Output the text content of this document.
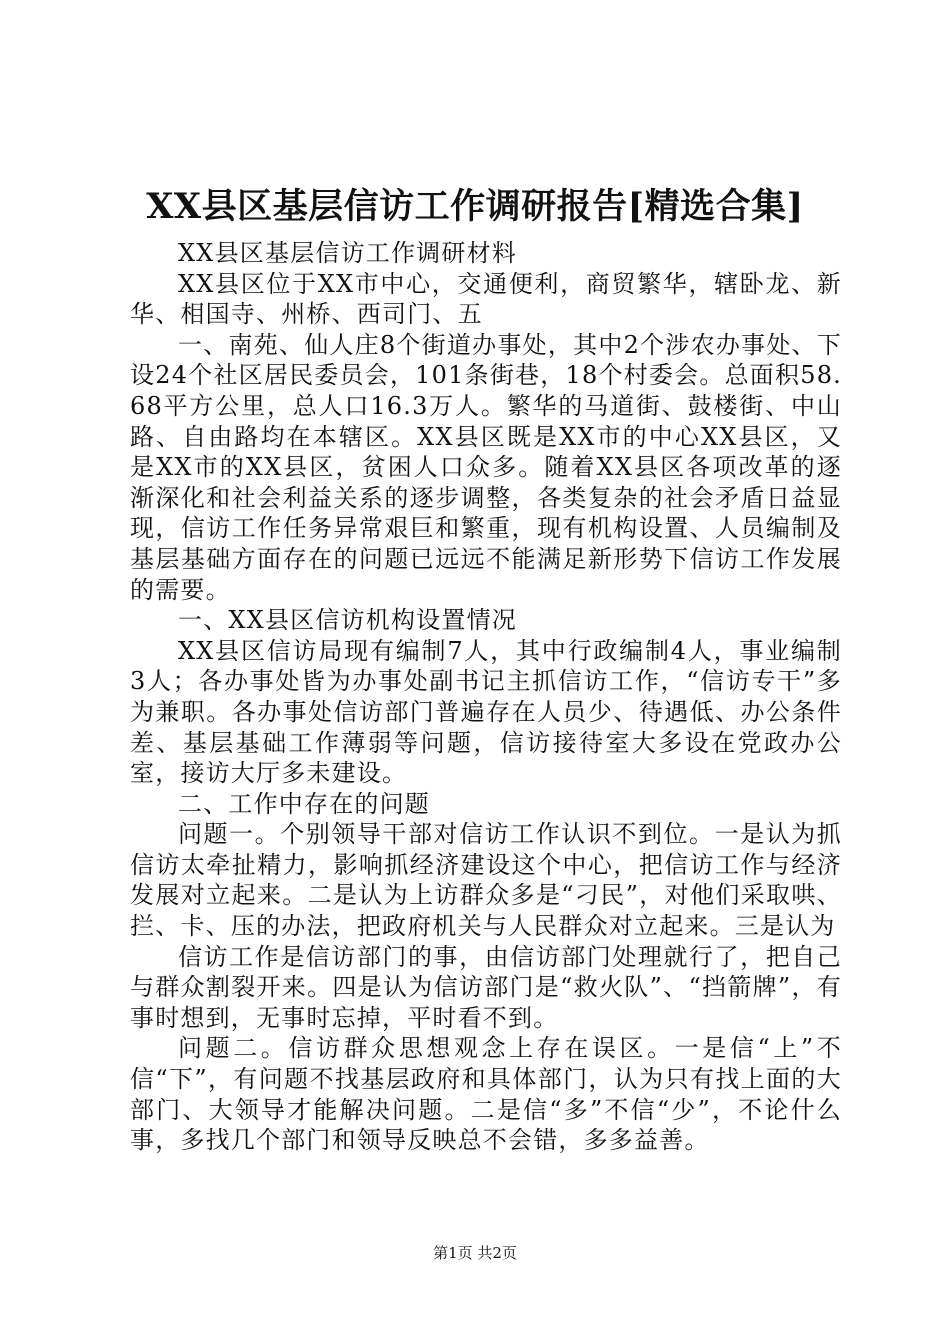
XX县区基层信访工作调研报告[精选合集]

XX县区基层信访工作调研材料

XX县区位于XX市中心，交通便利，商贸繁华，辖卧龙、新华、相国寺、州桥、西司门、五

一、南苑、仙人庄8个街道办事处，其中2个涉农办事处、下设24个社区居民委员会，101条街巷，18个村委会。总面积58.68平方公里，总人口16.3万人。繁华的马道街、鼓楼街、中山路、自由路均在本辖区。XX县区既是XX市的中心XX县区，又是XX市的XX县区，贫困人口众多。随着XX县区各项改革的逐渐深化和社会利益关系的逐步调整，各类复杂的社会矛盾日益显现，信访工作任务异常艰巨和繁重，现有机构设置、人员编制及基层基础方面存在的问题已远远不能满足新形势下信访工作发展的需要。

一、XX县区信访机构设置情况

XX县区信访局现有编制7人，其中行政编制4人，事业编制3人；各办事处皆为办事处副书记主抓信访工作，“信访专干”多为兼职。各办事处信访部门普遍存在人员少、待遇低、办公条件差、基层基础工作薄弱等问题，信访接待室大多设在党政办公室，接访大厅多未建设。

二、工作中存在的问题

问题一。个别领导干部对信访工作认识不到位。一是认为抓信访太牵扯精力，影响抓经济建设这个中心，把信访工作与经济发展对立起来。二是认为上访群众多是“刁民”，对他们采取哄、拦、卡、压的办法，把政府机关与人民群众对立起来。三是认为

信访工作是信访部门的事，由信访部门处理就行了，把自己与群众割裂开来。四是认为信访部门是“救火队”、“挡箭牌”，有事时想到，无事时忘掉，平时看不到。

问题二。信访群众思想观念上存在误区。一是信“上”不信“下”，有问题不找基层政府和具体部门，认为只有找上面的大部门、大领导才能解决问题。二是信“多”不信“少”，不论什么事，多找几个部门和领导反映总不会错，多多益善。

第1页 共2页
